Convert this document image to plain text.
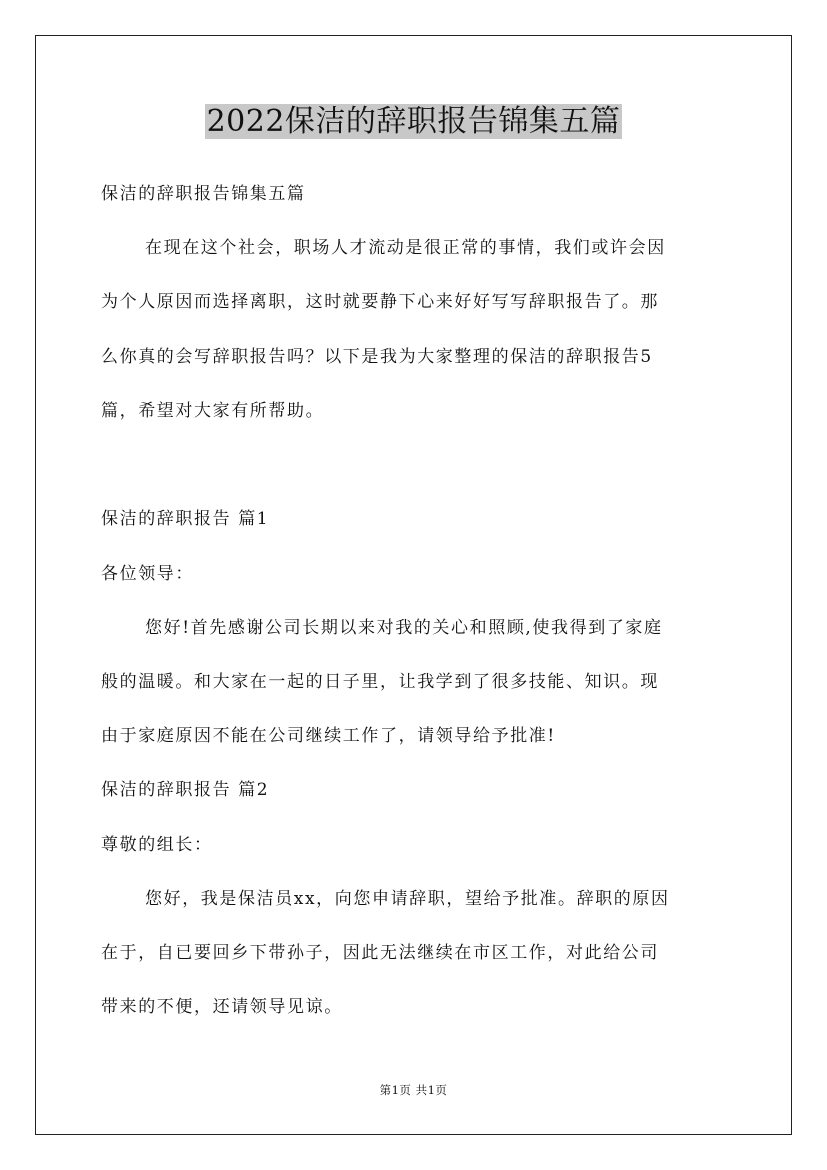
2022保洁的辞职报告锦集五篇
保洁的辞职报告锦集五篇
在现在这个社会，职场人才流动是很正常的事情，我们或许会因
为个人原因而选择离职，这时就要静下心来好好写写辞职报告了。那
么你真的会写辞职报告吗？以下是我为大家整理的保洁的辞职报告5
篇，希望对大家有所帮助。
保洁的辞职报告 篇1
各位领导：
您好!首先感谢公司长期以来对我的关心和照顾,使我得到了家庭
般的温暖。和大家在一起的日子里，让我学到了很多技能、知识。现
由于家庭原因不能在公司继续工作了，请领导给予批准!
保洁的辞职报告 篇2
尊敬的组长：
您好，我是保洁员xx，向您申请辞职，望给予批准。辞职的原因
在于，自已要回乡下带孙子，因此无法继续在市区工作，对此给公司
带来的不便，还请领导见谅。
第1页 共1页
